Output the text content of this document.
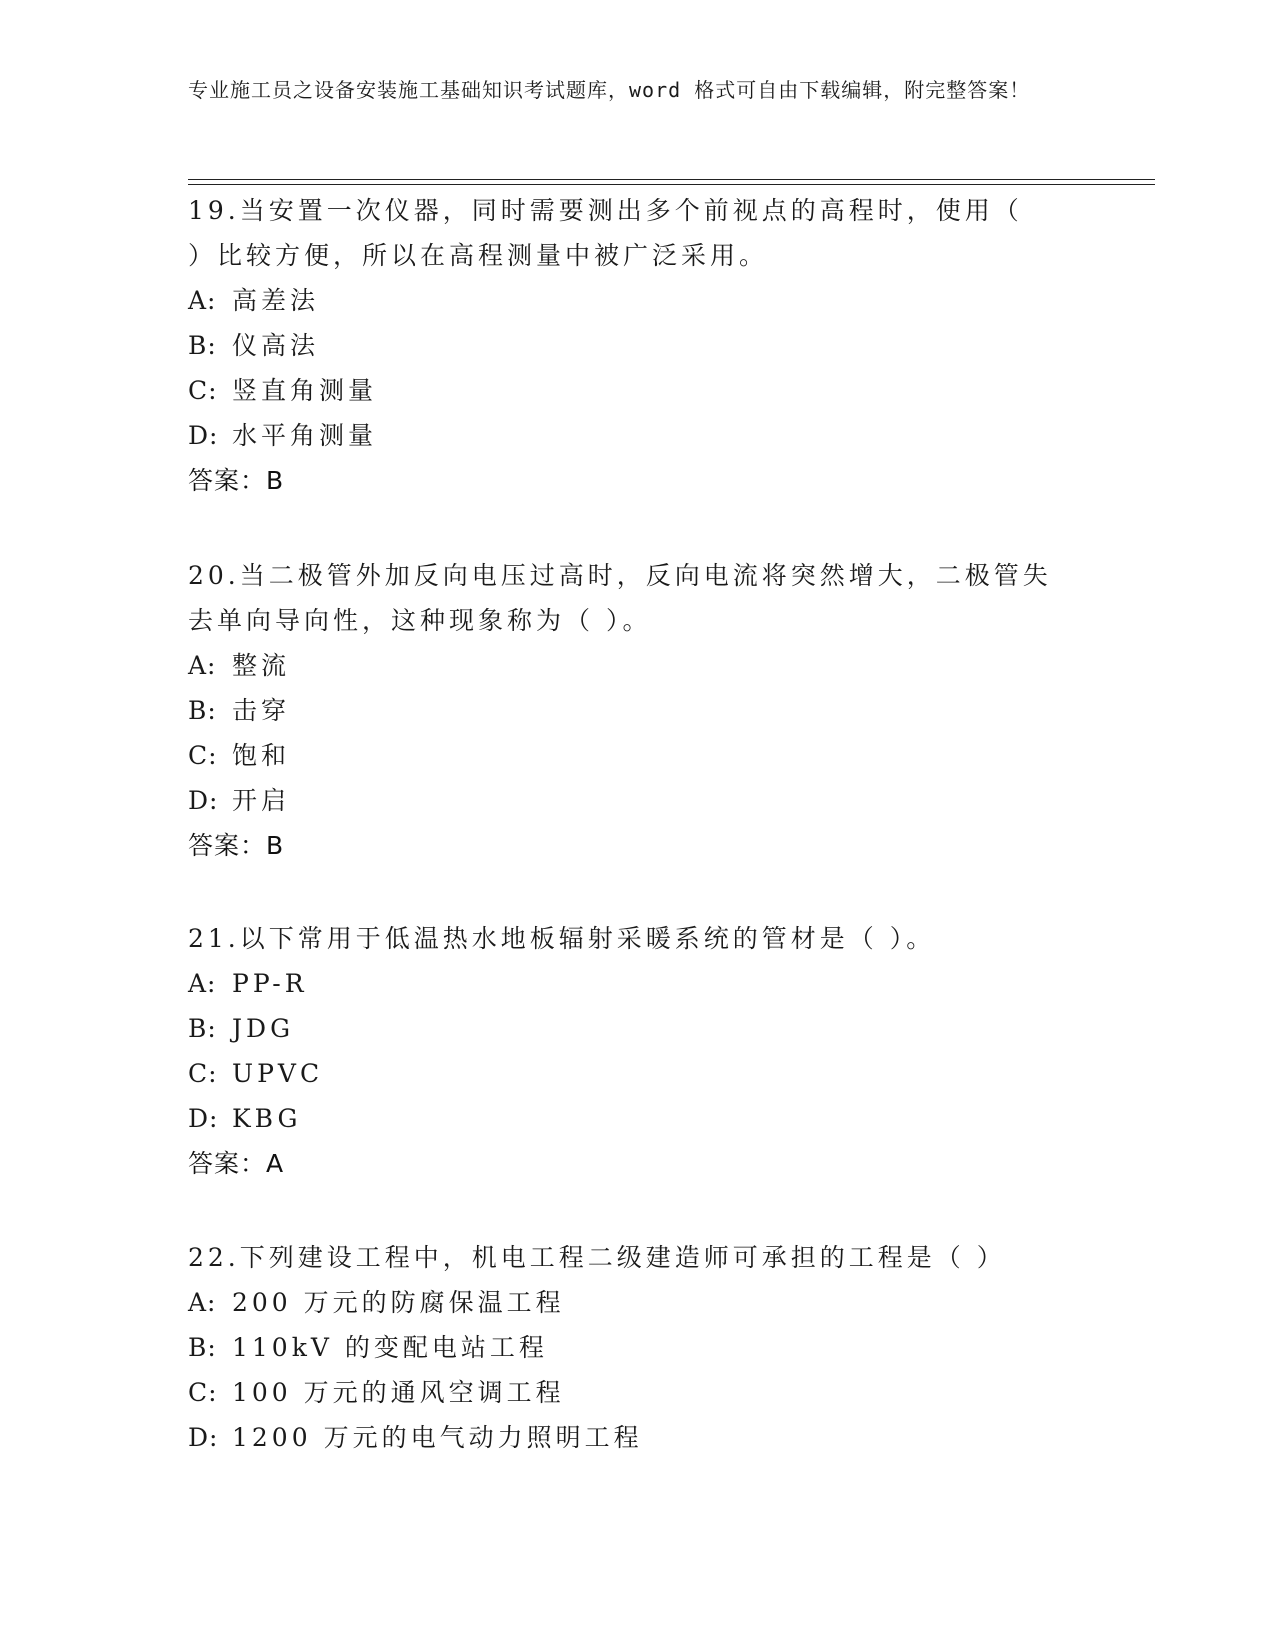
专业施工员之设备安装施工基础知识考试题库，word 格式可自由下载编辑，附完整答案！

19.当安置一次仪器，同时需要测出多个前视点的高程时，使用（ ）比较方便，所以在高程测量中被广泛采用。

A: 高差法
B: 仪高法
C: 竖直角测量
D: 水平角测量
答案：B

20.当二极管外加反向电压过高时，反向电流将突然增大，二极管失去单向导向性，这种现象称为（ ）。

A: 整流
B: 击穿
C: 饱和
D: 开启
答案：B

21.以下常用于低温热水地板辐射采暖系统的管材是（ ）。

A: PP-R
B: JDG
C: UPVC
D: KBG
答案：A

22.下列建设工程中，机电工程二级建造师可承担的工程是（ ）

A: 200 万元的防腐保温工程
B: 110kV 的变配电站工程
C: 100 万元的通风空调工程
D: 1200 万元的电气动力照明工程
